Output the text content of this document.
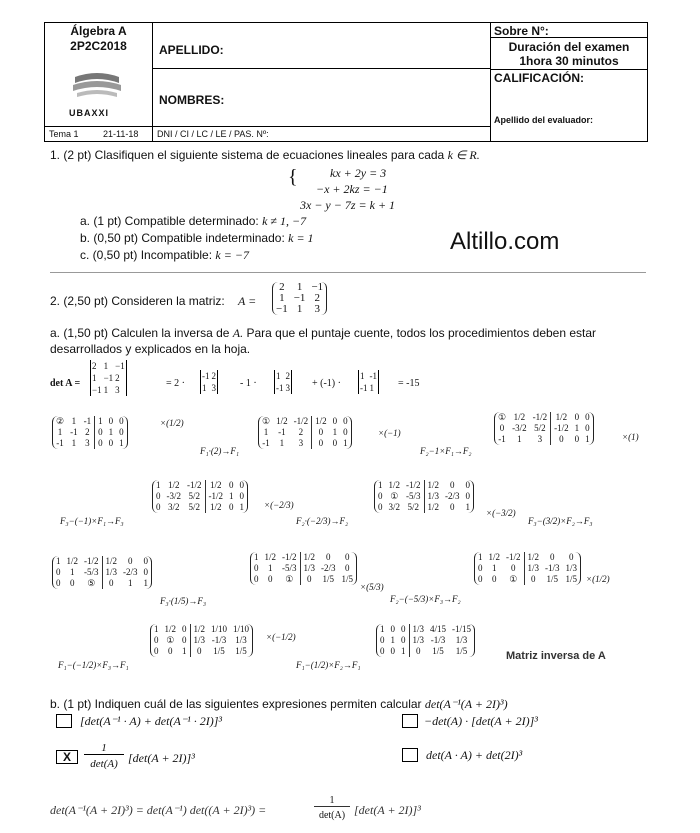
Álgebra A
2P2C2018
UBAXXI
Tema 1	21-11-18
APELLIDO:
NOMBRES:
DNI / CI / LC / LE / PAS. Nº:
Sobre N°:
Duración del examen
1hora 30 minutos
CALIFICACIÓN:
Apellido del evaluador:
1. (2 pt) Clasifiquen el siguiente sistema de ecuaciones lineales para cada k ∈ R.
{	kx + 2y = 3
−x + 2kz = −1
3x − y − 7z = k + 1
a. (1 pt) Compatible determinado: k ≠ 1, −7
b. (0,50 pt) Compatible indeterminado: k = 1
c. (0,50 pt) Incompatible: k = −7	Altillo.com
2. (2,50 pt) Consideren la matriz: A =
2	1	−1
1	−1	2
−1	1	3
a. (1,50 pt) Calculen la inversa de A. Para que el puntaje cuente, todos los procedimientos deben estar
desarrollados y explicados en la hoja.
det A =
2	1	−1
1	−1	2
−1	1	3
= 2 ·
-1	2
1	3 - 1 ·
1	2
-1	3 + (-1) ·
1	-1
-1	1 = -15
②	1	-1	1	0	0
1	-1	2	0	1	0
-1	1	3	0	0	1
×(1/2)
F₁·(2)→F₁
①	1/2	-1/2	1/2	0	0
1	-1	2	0	1	0
-1	1	3	0	0	1
×(−1)
F₂−1×F₁→F₂
①	1/2	-1/2	1/2	0	0
0	-3/2	5/2	-1/2	1	0
-1	1	3	0	0	1	×(1)
F₃−(−1)×F₁→F₃
1	1/2	-1/2	1/2	0	0
0	-3/2	5/2	-1/2	1	0
0	3/2	5/2	1/2	0	1 ×(−2/3)
F₂·(−2/3)→F₂
1	1/2	-1/2	1/2	0	0
0	①	-5/3	1/3	-2/3	0
0	3/2	5/2	1/2	0	1
×(−3/2)
F₃−(3/2)×F₂→F₃
1	1/2	-1/2	1/2	0	0
0	1	-5/3	1/3	-2/3	0
0	0	⑤	0	1	1
F₃·(1/5)→F₃
1	1/2	-1/2	1/2	0	0
0	1	-5/3	1/3	-2/3	0
0	0	①	0	1/5	1/5
×(5/3)
F₂−(−5/3)×F₃→F₂
1	1/2	-1/2	1/2	0	0
0	1	0	1/3	-1/3	1/3
0	0	①	0	1/5	1/5 ×(1/2)
F₁−(−1/2)×F₃→F₁
1	1/2	0	1/2	1/10	1/10
0	①	0	1/3	-1/3	1/3
0	0	1	0	1/5	1/5
×(−1/2)
F₁−(1/2)×F₂→F₁
1	0	0	1/3	4/15	-1/15
0	1	0	1/3	-1/3	1/3
0	0	1	0	1/5	1/5	Matriz inversa de A
b. (1 pt) Indiquen cuál de las siguientes expresiones permiten calcular det(A⁻¹(A + 2I)³)
[det(A⁻¹ · A) + det(A⁻¹ · 2I)]³	−det(A) · [det(A + 2I)]³
X
1
det(A) [det(A + 2I)]³	det(A · A) + det(2I)³
det(A⁻¹(A + 2I)³) = det(A⁻¹) det((A + 2I)³) =
1
det(A) [det(A + 2I)]³
